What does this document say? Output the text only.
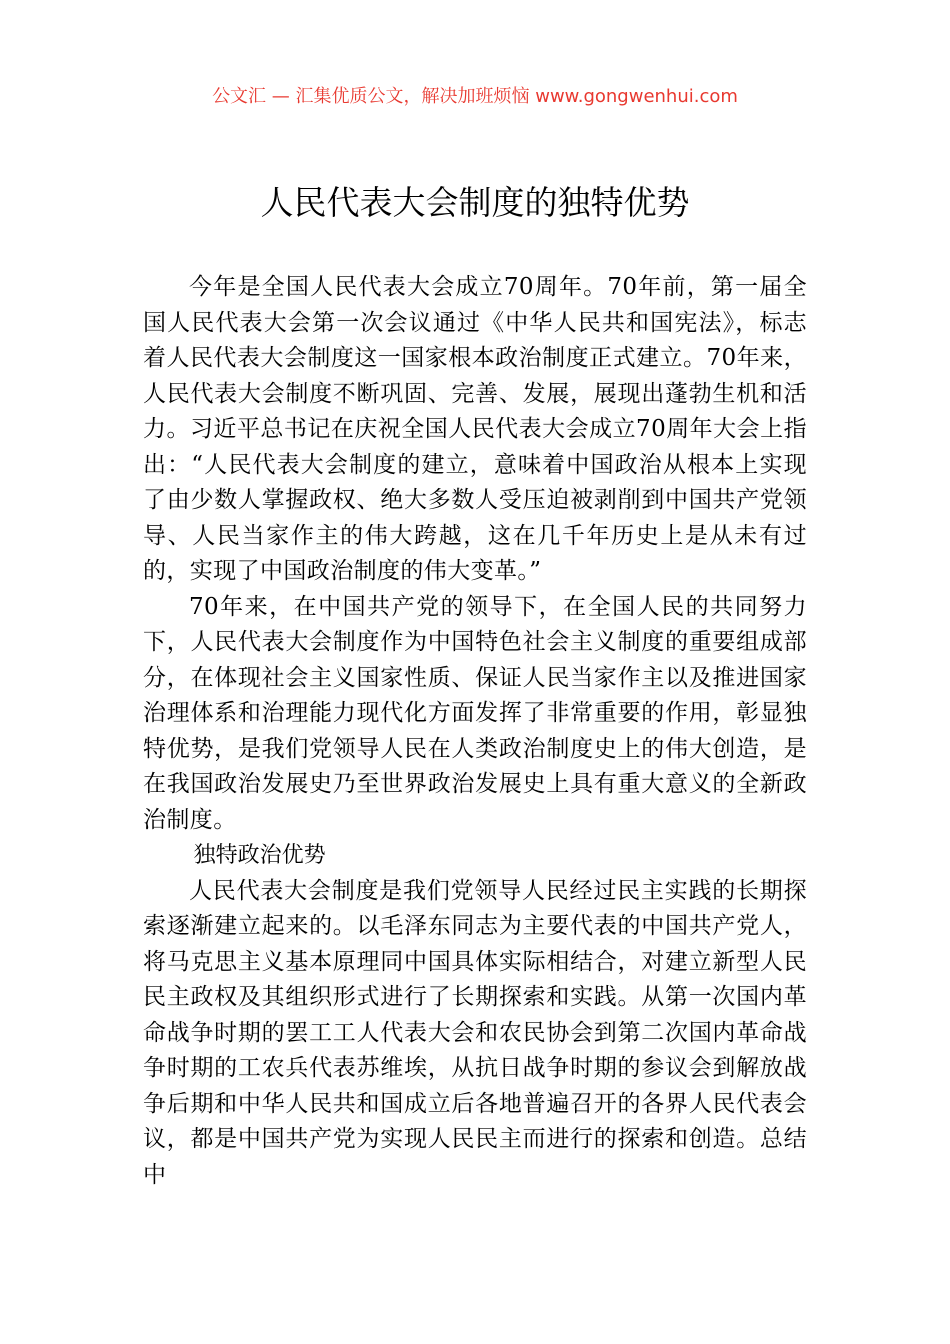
公文汇 — 汇集优质公文，解决加班烦恼 www.gongwenhui.com
人民代表大会制度的独特优势

今年是全国人民代表大会成立70周年。70年前，第一届全国人民代表大会第一次会议通过《中华人民共和国宪法》，标志着人民代表大会制度这一国家根本政治制度正式建立。70年来，人民代表大会制度不断巩固、完善、发展，展现出蓬勃生机和活力。习近平总书记在庆祝全国人民代表大会成立70周年大会上指出：“人民代表大会制度的建立，意味着中国政治从根本上实现了由少数人掌握政权、绝大多数人受压迫被剥削到中国共产党领导、人民当家作主的伟大跨越，这在几千年历史上是从未有过的，实现了中国政治制度的伟大变革。”

70年来，在中国共产党的领导下，在全国人民的共同努力下，人民代表大会制度作为中国特色社会主义制度的重要组成部分，在体现社会主义国家性质、保证人民当家作主以及推进国家治理体系和治理能力现代化方面发挥了非常重要的作用，彰显独特优势，是我们党领导人民在人类政治制度史上的伟大创造，是在我国政治发展史乃至世界政治发展史上具有重大意义的全新政治制度。

独特政治优势

人民代表大会制度是我们党领导人民经过民主实践的长期探索逐渐建立起来的。以毛泽东同志为主要代表的中国共产党人，将马克思主义基本原理同中国具体实际相结合，对建立新型人民民主政权及其组织形式进行了长期探索和实践。从第一次国内革命战争时期的罢工工人代表大会和农民协会到第二次国内革命战争时期的工农兵代表苏维埃，从抗日战争时期的参议会到解放战争后期和中华人民共和国成立后各地普遍召开的各界人民代表会议，都是中国共产党为实现人民民主而进行的探索和创造。总结中
